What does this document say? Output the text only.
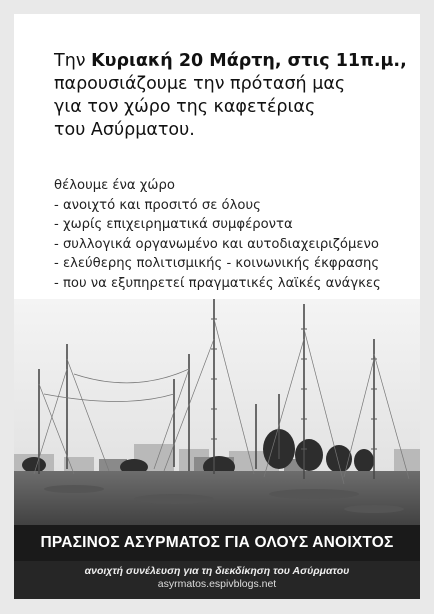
Την Κυριακή 20 Μάρτη, στις 11π.μ.,
παρουσιάζουμε την πρότασή μας
για τον χώρο της καφετέριας
του Ασύρματου.
θέλουμε ένα χώρο
- ανοιχτό και προσιτό σε όλους
- χωρίς επιχειρηματικά συμφέροντα
- συλλογικά οργανωμένο και αυτοδιαχειριζόμενο
- ελεύθερης πολιτισμικής - κοινωνικής έκφρασης
- που να εξυπηρετεί πραγματικές λαϊκές ανάγκες
ΠΡΑΣΙΝΟΣ ΑΣΥΡΜΑΤΟΣ ΓΙΑ ΟΛΟΥΣ ΑΝΟΙΧΤΟΣ
ανοιχτή συνέλευση για τη διεκδίκηση του Ασύρματου
asyrmatos.espivblogs.net
